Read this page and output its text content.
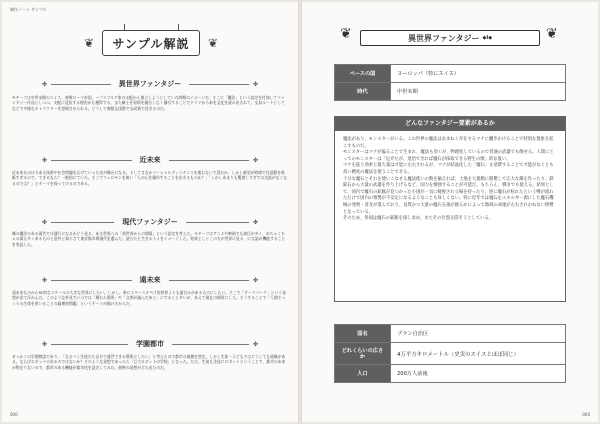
制作ノート サンプル
❦	❦
サンプル解説
✤	異世界ファンタジー	✤
モチーフは中世末期のスイス。神聖ローマ帝国、ハプスブルク家の支配から独立しようとしていた時期のイメージだ。そこに「魔法」という設定を付加してファンタジー作品としつつ、支配に反抗する理由がも獲得する。また騎士を原料を融合し広く描写することでドラマから本を文化を読み出されて、交易ルートとしてなどで多様なキャラクターを登場させられる。どうして複数な国際でも同質で活きるのだ。
✤	近未来	✤
近未来ものは今ある技術や社会問題を広げていった先が舞台になる。そしてさなかソーシャルディスタンスを使わないで済むか、しかし新型が時間で任意静を県紙すぎるので、できるなら？一般的にていた。そこでフェロモンを使い「人の心を操作することを出きるものか？」「しかしあまりも驚感しすぎでは交流がなくなるのでは？」とテーマを探ってけるのである。
✤	現代ファンタジー	✤
舞の魔法のある現代では通行になるかどう見る。ある世界への「異世界からの開幕」という設定を考えた。モチーフはアニメや映画でも演目が多く、めちゃくちゃの楽も多くあるものと意外と知らさて東京都市場現代を選んだ。読むたと生きる人々をイメージした。結果としとこの方が世界に見る、に言語が機能することを実証した。
✤	遠未来	✤
遠未来ものからSF的なスケールの大きな世界にしたい。しかし、単にスペースオペラ的世界よりも面白みがあるものにしたい。そこで「テーマパーク」という発想が出て浮かんだ。このような外見でいつでは「壊れた場所」や「文明が滅んだあと」にするとと多いが、あえて現在の場所にした。そうすることで「人間そっくりの生命を用いることの倫理的問題」というテーマが描けるからだ。
✤	学園都市	✤
せっかくの学園物語であり、「なるべく生徒たち自分で運営できる場所にしたい」と考えたので都市の規模を想定。しかし生徒一子どもではどうしても経験がある。ならばロボットのあるのではないか？そのような発想であったら「巨大ロボットの学校」となった。ただ、生徒も生徒にロボットということで、都市の未来が物足りないので、都市のある機能が都市化を設定してみた。曲物の発想が立ち出たのだ。
000
❦	異世界ファンタジー ◆Ⅰ◆	❦
ベースの国	ヨーロッパ（特にスイス）
時代	中世末期
どんなファンタジー要素があるか

魔法があり、モンスターがいる。この世界の魔法はあまねく存在するマナに働きかけることで特別な現象を起こすものだ。

モンスターはマナが偏ることで生まれ、魔法も効くが、物理化しているので普通の武器でも倒せる。人間にとってのモンスターは「厄介だが、退治できれば魔石が採取できる野生の獣」的な扱い。

マナを扱う効率と最大量は才能に左右されるが、マナが結晶化した「魔石」を消費することで才能がなくとも高い精度の魔法を使うことできる。

十分な魔石とそれを使いこなせる魔法使いの数を揃えれば、土地を大規模に開墾して広大な畑を作ったり、鉄鉱石から大量の武器を作り上げるなど、国力を増強することが可能だ。もちろん、戦争でも使える。結果として、国内で魔石の鉱脈が見つかった小国が一気に軽視され立場を持ったり、逆に魔石が枯れたという噂が流れただけで国内の情勢が不安定になるようなことも珍しくない。特に近年では魔石をエネルギー源にした魔石機械の発明・普及が進んでおり、良質かつ大量の魔石を誰が握るかによって地域の命運が左右されかねない情勢となっている。

そのため、各国は魔石の鉱脈を探し求め、またその位置を隠そうとしている。

国名	プラン自治区
どれくらいの広さか	4万平方キロメートル（史実のスイスとほぼ同じ）
人口	200万人前後
000
